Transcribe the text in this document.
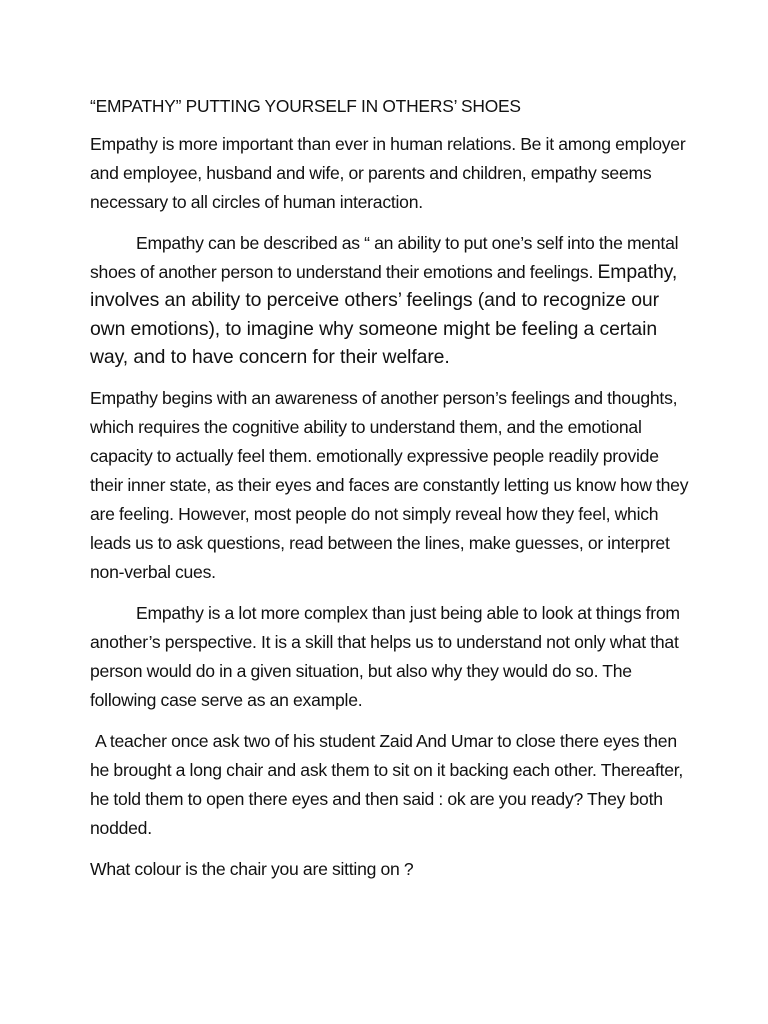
“EMPATHY” PUTTING YOURSELF IN OTHERS’ SHOES

Empathy is more important than ever in human relations. Be it among employer and employee, husband and wife, or parents and children, empathy seems necessary to all circles of human interaction.

Empathy can be described as “ an ability to put one’s self into the mental shoes of another person to understand their emotions and feelings. Empathy, involves an ability to perceive others’ feelings (and to recognize our own emotions), to imagine why someone might be feeling a certain way, and to have concern for their welfare.

Empathy begins with an awareness of another person’s feelings and thoughts, which requires the cognitive ability to understand them, and the emotional capacity to actually feel them. emotionally expressive people readily provide their inner state, as their eyes and faces are constantly letting us know how they are feeling. However, most people do not simply reveal how they feel, which leads us to ask questions, read between the lines, make guesses, or interpret non-verbal cues.

Empathy is a lot more complex than just being able to look at things from another’s perspective. It is a skill that helps us to understand not only what that person would do in a given situation, but also why they would do so. The following case serve as an example.

A teacher once ask two of his student Zaid And Umar to close there eyes then he brought a long chair and ask them to sit on it backing each other. Thereafter, he told them to open there eyes and then said : ok are you ready? They both nodded.

What colour is the chair you are sitting on ?
